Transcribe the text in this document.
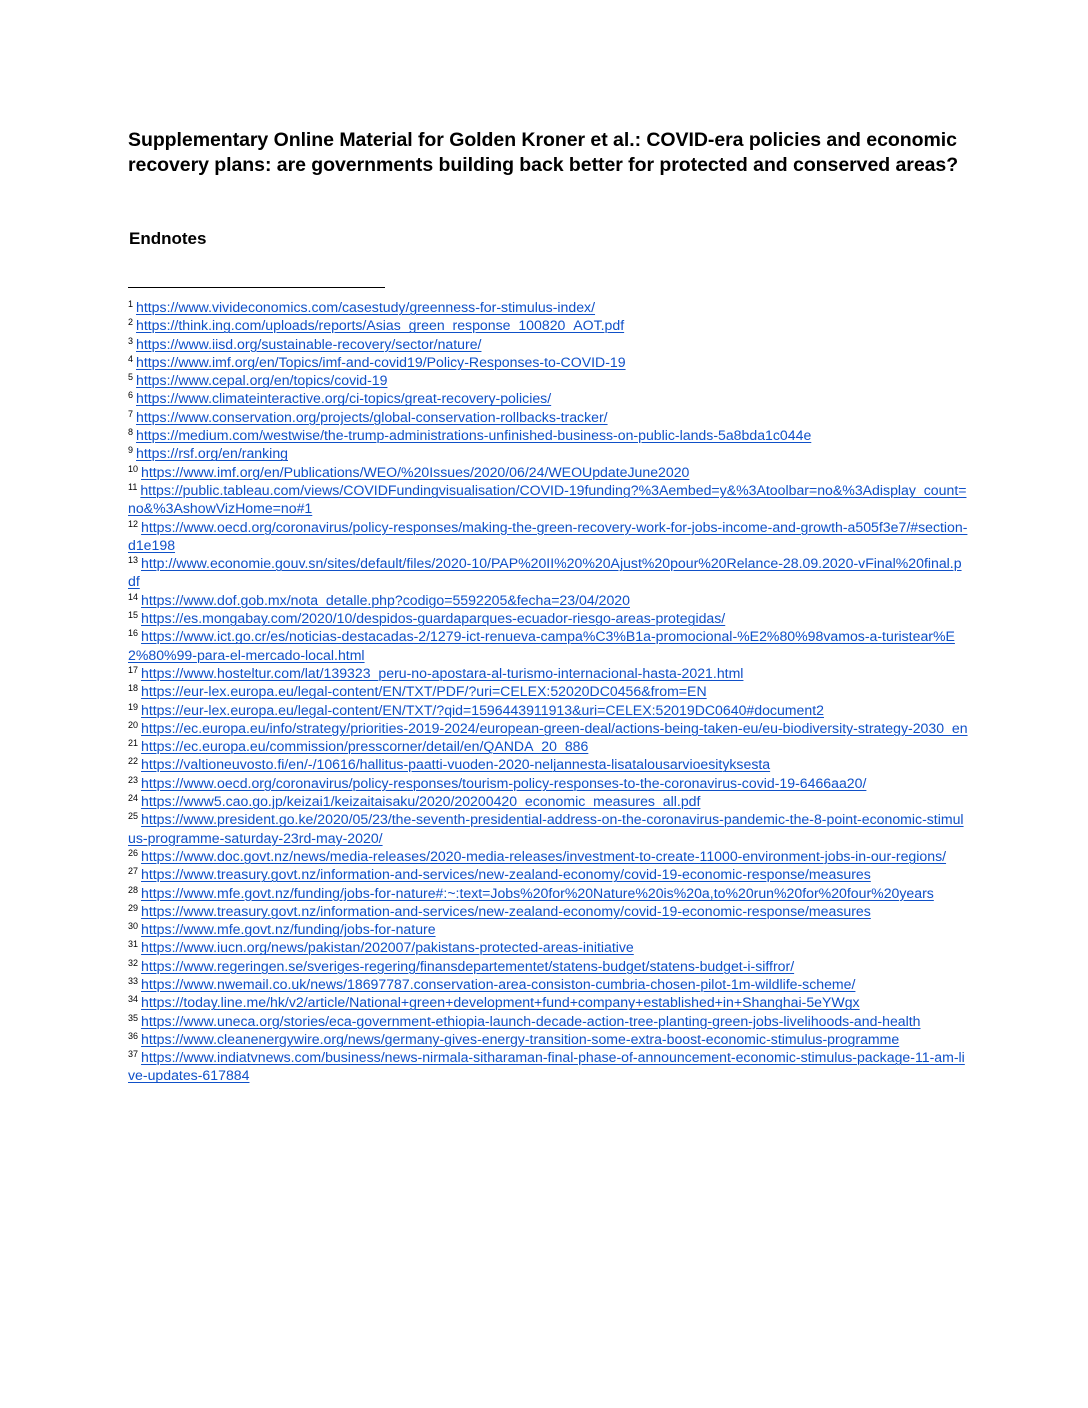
Supplementary Online Material for Golden Kroner et al.: COVID-era policies and economic recovery plans: are governments building back better for protected and conserved areas?
Endnotes
$^1$ https://www.vivideconomics.com/casestudy/greenness-for-stimulus-index/
$^2$ https://think.ing.com/uploads/reports/Asias_green_response_100820_AOT.pdf
$^3$ https://www.iisd.org/sustainable-recovery/sector/nature/
$^4$ https://www.imf.org/en/Topics/imf-and-covid19/Policy-Responses-to-COVID-19
$^5$ https://www.cepal.org/en/topics/covid-19
$^6$ https://www.climateinteractive.org/ci-topics/great-recovery-policies/
$^7$ https://www.conservation.org/projects/global-conservation-rollbacks-tracker/
$^8$ https://medium.com/westwise/the-trump-administrations-unfinished-business-on-public-lands-5a8bda1c044e
$^9$ https://rsf.org/en/ranking
$^{10}$ https://www.imf.org/en/Publications/WEO/%20Issues/2020/06/24/WEOUpdateJune2020
$^{11}$ https://public.tableau.com/views/COVIDFundingvisualisation/COVID-19funding?%3Aembed=y&%3Atoolbar=no&%3Adisplay_count=no&%3AshowVizHome=no#1
$^{12}$ https://www.oecd.org/coronavirus/policy-responses/making-the-green-recovery-work-for-jobs-income-and-growth-a505f3e7/#section-d1e198
$^{13}$ http://www.economie.gouv.sn/sites/default/files/2020-10/PAP%20II%20%20Ajust%20pour%20Relance-28.09.2020-vFinal%20final.pdf
$^{14}$ https://www.dof.gob.mx/nota_detalle.php?codigo=5592205&fecha=23/04/2020
$^{15}$ https://es.mongabay.com/2020/10/despidos-guardaparques-ecuador-riesgo-areas-protegidas/
$^{16}$ https://www.ict.go.cr/es/noticias-destacadas-2/1279-ict-renueva-campa%C3%B1a-promocional-%E2%80%98vamos-a-turistear%E2%80%99-para-el-mercado-local.html
$^{17}$ https://www.hosteltur.com/lat/139323_peru-no-apostara-al-turismo-internacional-hasta-2021.html
$^{18}$ https://eur-lex.europa.eu/legal-content/EN/TXT/PDF/?uri=CELEX:52020DC0456&from=EN
$^{19}$ https://eur-lex.europa.eu/legal-content/EN/TXT/?qid=1596443911913&uri=CELEX:52019DC0640#document2
$^{20}$ https://ec.europa.eu/info/strategy/priorities-2019-2024/european-green-deal/actions-being-taken-eu/eu-biodiversity-strategy-2030_en
$^{21}$ https://ec.europa.eu/commission/presscorner/detail/en/QANDA_20_886
$^{22}$ https://valtioneuvosto.fi/en/-/10616/hallitus-paatti-vuoden-2020-neljannesta-lisatalousarvioesityksesta
$^{23}$ https://www.oecd.org/coronavirus/policy-responses/tourism-policy-responses-to-the-coronavirus-covid-19-6466aa20/
$^{24}$ https://www5.cao.go.jp/keizai1/keizaitaisaku/2020/20200420_economic_measures_all.pdf
$^{25}$ https://www.president.go.ke/2020/05/23/the-seventh-presidential-address-on-the-coronavirus-pandemic-the-8-point-economic-stimulus-programme-saturday-23rd-may-2020/
$^{26}$ https://www.doc.govt.nz/news/media-releases/2020-media-releases/investment-to-create-11000-environment-jobs-in-our-regions/
$^{27}$ https://www.treasury.govt.nz/information-and-services/new-zealand-economy/covid-19-economic-response/measures
$^{28}$ https://www.mfe.govt.nz/funding/jobs-for-nature#:~:text=Jobs%20for%20Nature%20is%20a,to%20run%20for%20four%20years
$^{29}$ https://www.treasury.govt.nz/information-and-services/new-zealand-economy/covid-19-economic-response/measures
$^{30}$ https://www.mfe.govt.nz/funding/jobs-for-nature
$^{31}$ https://www.iucn.org/news/pakistan/202007/pakistans-protected-areas-initiative
$^{32}$ https://www.regeringen.se/sveriges-regering/finansdepartementet/statens-budget/statens-budget-i-siffror/
$^{33}$ https://www.nwemail.co.uk/news/18697787.conservation-area-consiston-cumbria-chosen-pilot-1m-wildlife-scheme/
$^{34}$ https://today.line.me/hk/v2/article/National+green+development+fund+company+established+in+Shanghai-5eYWgx
$^{35}$ https://www.uneca.org/stories/eca-government-ethiopia-launch-decade-action-tree-planting-green-jobs-livelihoods-and-health
$^{36}$ https://www.cleanenergywire.org/news/germany-gives-energy-transition-some-extra-boost-economic-stimulus-programme
$^{37}$ https://www.indiatvnews.com/business/news-nirmala-sitharaman-final-phase-of-announcement-economic-stimulus-package-11-am-live-updates-617884
